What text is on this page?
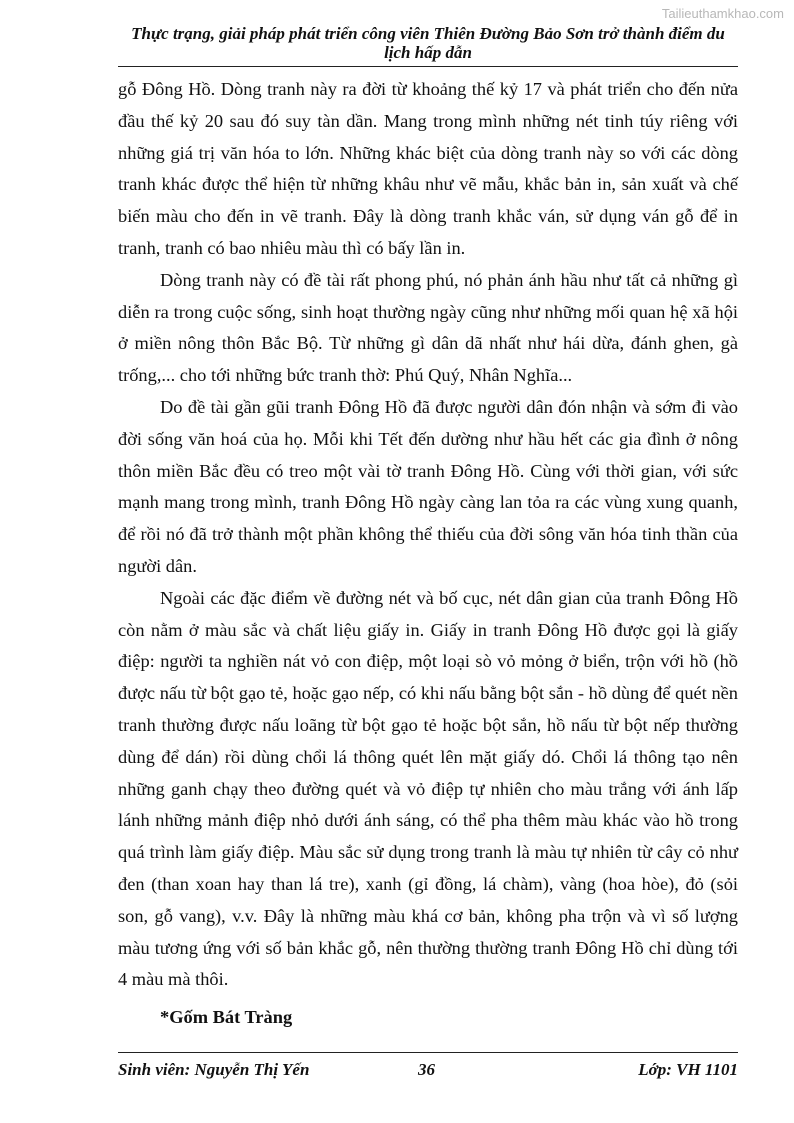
Tailieuthamkhao.com
Thực trạng, giải pháp phát triển công viên Thiên Đường Bảo Sơn trở thành điểm du lịch hấp dẫn

gỗ Đông Hồ. Dòng tranh này ra đời từ khoảng thế kỷ 17 và phát triển cho đến nửa đầu thế kỷ 20 sau đó suy tàn dần. Mang trong mình những nét tinh túy riêng với những giá trị văn hóa to lớn. Những khác biệt của dòng tranh này so với các dòng tranh khác được thể hiện từ những khâu như vẽ mẫu, khắc bản in, sản xuất và chế biến màu cho đến in vẽ tranh. Đây là dòng tranh khắc ván, sử dụng ván gỗ để in tranh, tranh có bao nhiêu màu thì có bấy lần in.

Dòng tranh này có đề tài rất phong phú, nó phản ánh hầu như tất cả những gì diễn ra trong cuộc sống, sinh hoạt thường ngày cũng như những mối quan hệ xã hội ở miền nông thôn Bắc Bộ. Từ những gì dân dã nhất như hái dừa, đánh ghen, gà trống,... cho tới những bức tranh thờ: Phú Quý, Nhân Nghĩa...

Do đề tài gần gũi tranh Đông Hồ đã được người dân đón nhận và sớm đi vào đời sống văn hoá của họ. Mỗi khi Tết đến dường như hầu hết các gia đình ở nông thôn miền Bắc đều có treo một vài tờ tranh Đông Hồ. Cùng với thời gian, với sức mạnh mang trong mình, tranh Đông Hồ ngày càng lan tỏa ra các vùng xung quanh, để rồi nó đã trở thành một phần không thể thiếu của đời sông văn hóa tinh thần của người dân.

Ngoài các đặc điểm về đường nét và bố cục, nét dân gian của tranh Đông Hồ còn nằm ở màu sắc và chất liệu giấy in. Giấy in tranh Đông Hồ được gọi là giấy điệp: người ta nghiền nát vỏ con điệp, một loại sò vỏ mỏng ở biển, trộn với hồ (hồ được nấu từ bột gạo tẻ, hoặc gạo nếp, có khi nấu bằng bột sắn - hồ dùng để quét nền tranh thường được nấu loãng từ bột gạo tẻ hoặc bột sắn, hồ nấu từ bột nếp thường dùng để dán) rồi dùng chổi lá thông quét lên mặt giấy dó. Chổi lá thông tạo nên những ganh chạy theo đường quét và vỏ điệp tự nhiên cho màu trắng với ánh lấp lánh những mảnh điệp nhỏ dưới ánh sáng, có thể pha thêm màu khác vào hồ trong quá trình làm giấy điệp. Màu sắc sử dụng trong tranh là màu tự nhiên từ cây cỏ như đen (than xoan hay than lá tre), xanh (gỉ đồng, lá chàm), vàng (hoa hòe), đỏ (sỏi son, gỗ vang), v.v. Đây là những màu khá cơ bản, không pha trộn và vì số lượng màu tương ứng với số bản khắc gỗ, nên thường thường tranh Đông Hồ chỉ dùng tới 4 màu mà thôi.

*Gốm Bát Tràng

Sinh viên: Nguyễn Thị Yến	36	Lớp: VH 1101
